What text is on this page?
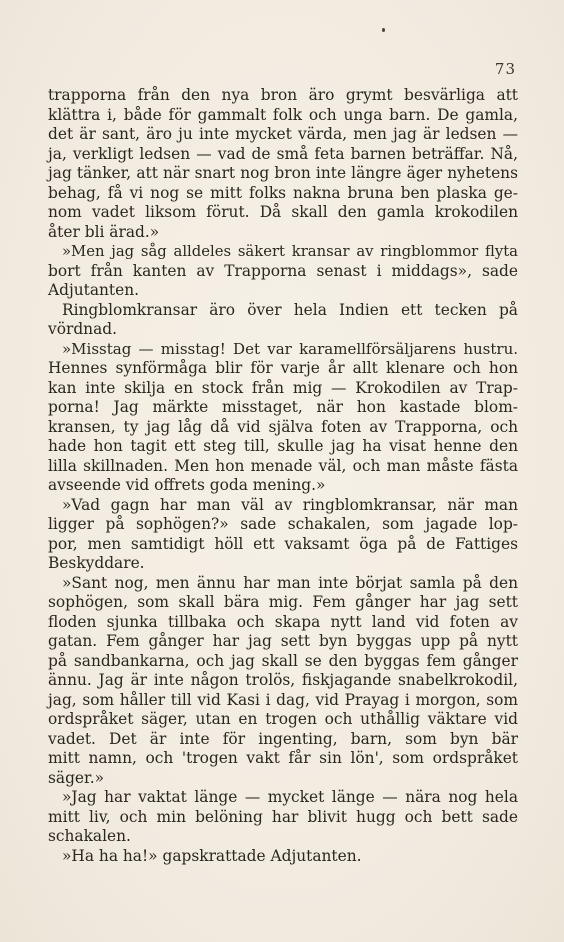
73

trapporna från den nya bron äro grymt besvärliga att
klättra i, både för gammalt folk och unga barn. De gamla,
det är sant, äro ju inte mycket värda, men jag är ledsen —
ja, verkligt ledsen — vad de små feta barnen beträffar. Nå,
jag tänker, att när snart nog bron inte längre äger nyhetens
behag, få vi nog se mitt folks nakna bruna ben plaska ge-
nom vadet liksom förut. Då skall den gamla krokodilen
åter bli ärad.»

»Men jag såg alldeles säkert kransar av ringblommor flyta
bort från kanten av Trapporna senast i middags», sade
Adjutanten.

Ringblomkransar äro över hela Indien ett tecken på
vördnad.

»Misstag — misstag! Det var karamellförsäljarens hustru.
Hennes synförmåga blir för varje år allt klenare och hon
kan inte skilja en stock från mig — Krokodilen av Trap-
porna! Jag märkte misstaget, när hon kastade blom-
kransen, ty jag låg då vid själva foten av Trapporna, och
hade hon tagit ett steg till, skulle jag ha visat henne den
lilla skillnaden. Men hon menade väl, och man måste fästa
avseende vid offrets goda mening.»

»Vad gagn har man väl av ringblomkransar, när man
ligger på sophögen?» sade schakalen, som jagade lop-
por, men samtidigt höll ett vaksamt öga på de Fattiges
Beskyddare.

»Sant nog, men ännu har man inte börjat samla på den
sophögen, som skall bära mig. Fem gånger har jag sett
floden sjunka tillbaka och skapa nytt land vid foten av
gatan. Fem gånger har jag sett byn byggas upp på nytt
på sandbankarna, och jag skall se den byggas fem gånger
ännu. Jag är inte någon trolös, fiskjagande snabelkrokodil,
jag, som håller till vid Kasi i dag, vid Prayag i morgon, som
ordspråket säger, utan en trogen och uthållig väktare vid
vadet. Det är inte för ingenting, barn, som byn bär
mitt namn, och 'trogen vakt får sin lön', som ordspråket
säger.»

»Jag har vaktat länge — mycket länge — nära nog hela
mitt liv, och min belöning har blivit hugg och bett sade
schakalen.

»Ha ha ha!» gapskrattade Adjutanten.
